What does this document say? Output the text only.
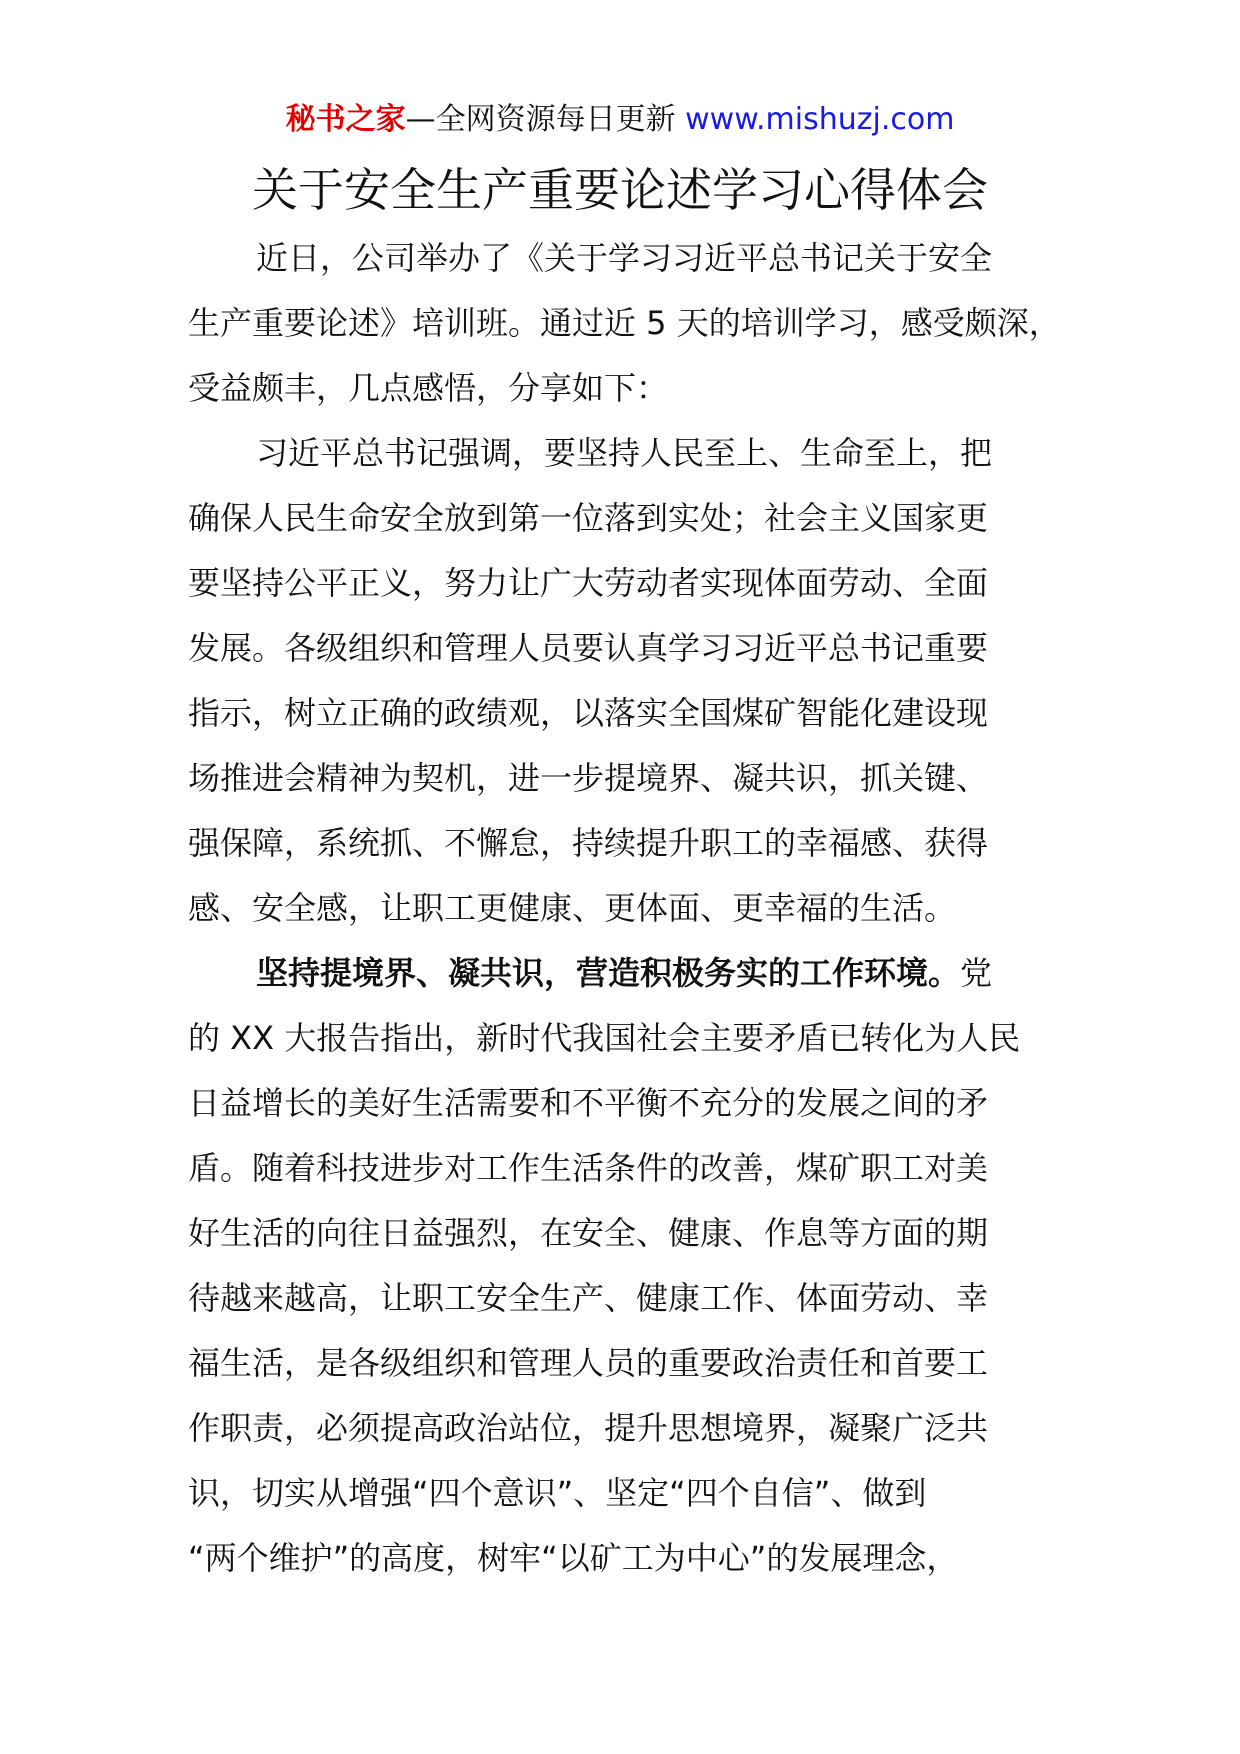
秘书之家—全网资源每日更新 www.mishuzj.com
关于安全生产重要论述学习心得体会
近日，公司举办了《关于学习习近平总书记关于安全
生产重要论述》培训班。通过近 5 天的培训学习，感受颇深，
受益颇丰，几点感悟，分享如下：
习近平总书记强调，要坚持人民至上、生命至上，把
确保人民生命安全放到第一位落到实处；社会主义国家更
要坚持公平正义，努力让广大劳动者实现体面劳动、全面
发展。各级组织和管理人员要认真学习习近平总书记重要
指示，树立正确的政绩观，以落实全国煤矿智能化建设现
场推进会精神为契机，进一步提境界、凝共识，抓关键、
强保障，系统抓、不懈怠，持续提升职工的幸福感、获得
感、安全感，让职工更健康、更体面、更幸福的生活。
坚持提境界、凝共识，营造积极务实的工作环境。党
的 XX 大报告指出，新时代我国社会主要矛盾已转化为人民
日益增长的美好生活需要和不平衡不充分的发展之间的矛
盾。随着科技进步对工作生活条件的改善，煤矿职工对美
好生活的向往日益强烈，在安全、健康、作息等方面的期
待越来越高，让职工安全生产、健康工作、体面劳动、幸
福生活，是各级组织和管理人员的重要政治责任和首要工
作职责，必须提高政治站位，提升思想境界，凝聚广泛共
识，切实从增强“四个意识”、坚定“四个自信”、做到
“两个维护”的高度，树牢“以矿工为中心”的发展理念，
